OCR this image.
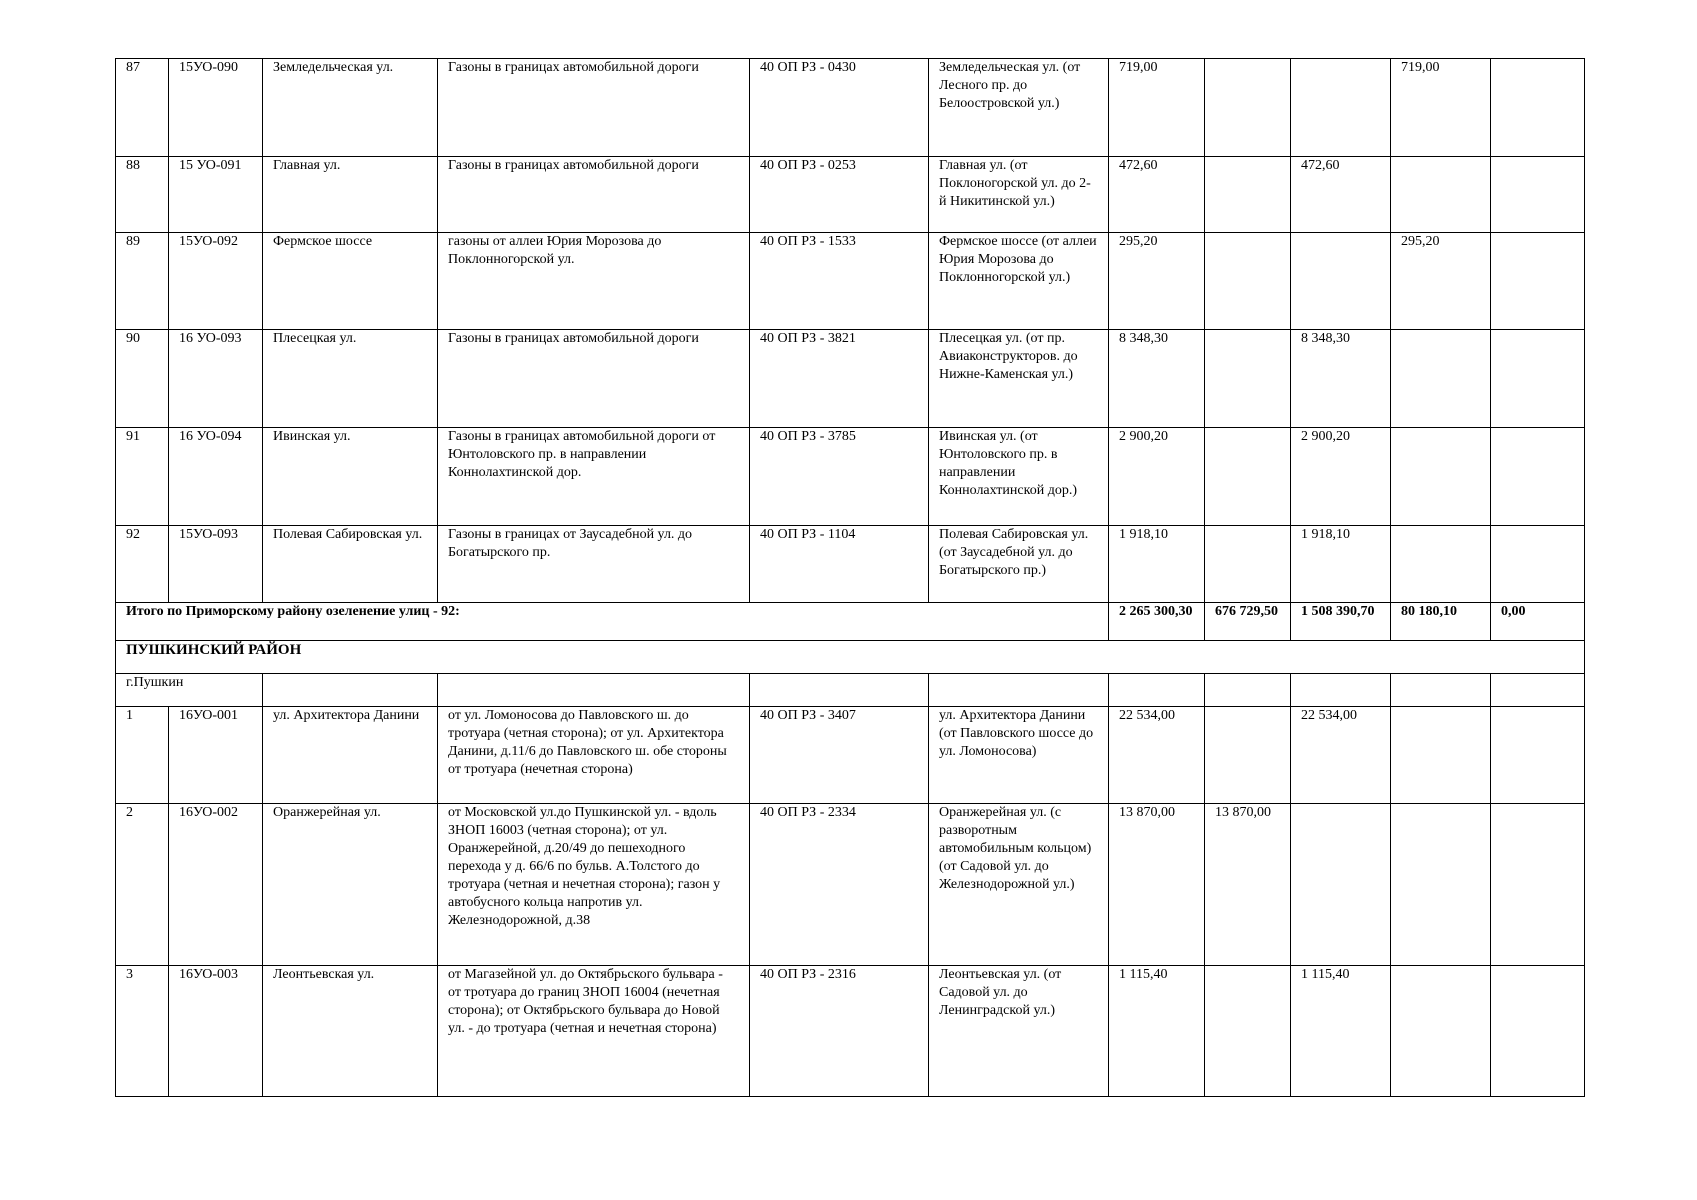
87	15УО-090	Земледельческая ул.	Газоны в границах автомобильной дороги	40 ОП РЗ - 0430	Земледельческая ул. (от Лесного пр. до Белоостровской ул.)	719,00			719,00	
88	15 УО-091	Главная ул.	Газоны в границах автомобильной дороги	40 ОП РЗ - 0253	Главная ул. (от Поклоногорской ул. до 2-й Никитинской ул.)	472,60		472,60		
89	15УО-092	Фермское шоссе	газоны от аллеи Юрия Морозова до Поклонногорской ул.	40 ОП РЗ - 1533	Фермское шоссе (от аллеи Юрия Морозова до Поклонногорской ул.)	295,20			295,20	
90	16 УО-093	Плесецкая ул.	Газоны в границах автомобильной дороги	40 ОП РЗ - 3821	Плесецкая ул. (от пр. Авиаконструкторов. до Нижне-Каменская ул.)	8 348,30		8 348,30		
91	16 УО-094	Ивинская ул.	Газоны в границах автомобильной дороги от Юнтоловского пр. в направлении Коннолахтинской дор.	40 ОП РЗ - 3785	Ивинская ул. (от Юнтоловского пр. в направлении Коннолахтинской дор.)	2 900,20		2 900,20		
92	15УО-093	Полевая Сабировская ул.	Газоны в границах от Заусадебной ул. до Богатырского пр.	40 ОП РЗ - 1104	Полевая Сабировская ул. (от Заусадебной ул. до Богатырского пр.)	1 918,10		1 918,10		
Итого по Приморскому району озеленение улиц - 92:						2 265 300,30	676 729,50	1 508 390,70	80 180,10	0,00
ПУШКИНСКИЙ РАЙОН										
г.Пушкин										
1	16УО-001	ул. Архитектора Данини	от ул. Ломоносова до Павловского ш. до тротуара (четная сторона); от ул. Архитектора Данини, д.11/6 до Павловского ш. обе стороны от тротуара (нечетная сторона)	40 ОП РЗ - 3407	ул. Архитектора Данини (от Павловского шоссе до ул. Ломоносова)	22 534,00		22 534,00		
2	16УО-002	Оранжерейная ул.	от Московской ул.до Пушкинской ул. - вдоль ЗНОП 16003 (четная сторона); от ул. Оранжерейной, д.20/49 до пешеходного перехода у д. 66/6 по бульв. А.Толстого до тротуара (четная и нечетная сторона); газон у автобусного кольца напротив ул. Железнодорожной, д.38	40 ОП РЗ - 2334	Оранжерейная ул. (с разворотным автомобильным кольцом) (от Садовой ул. до Железнодорожной ул.)	13 870,00	13 870,00			
3	16УО-003	Леонтьевская ул.	от Магазейной ул. до Октябрьского бульвара - от тротуара до границ ЗНОП 16004 (нечетная сторона); от Октябрьского бульвара до Новой ул. - до тротуара (четная и нечетная сторона)	40 ОП РЗ - 2316	Леонтьевская ул. (от Садовой ул. до Ленинградской ул.)	1 115,40		1 115,40		
